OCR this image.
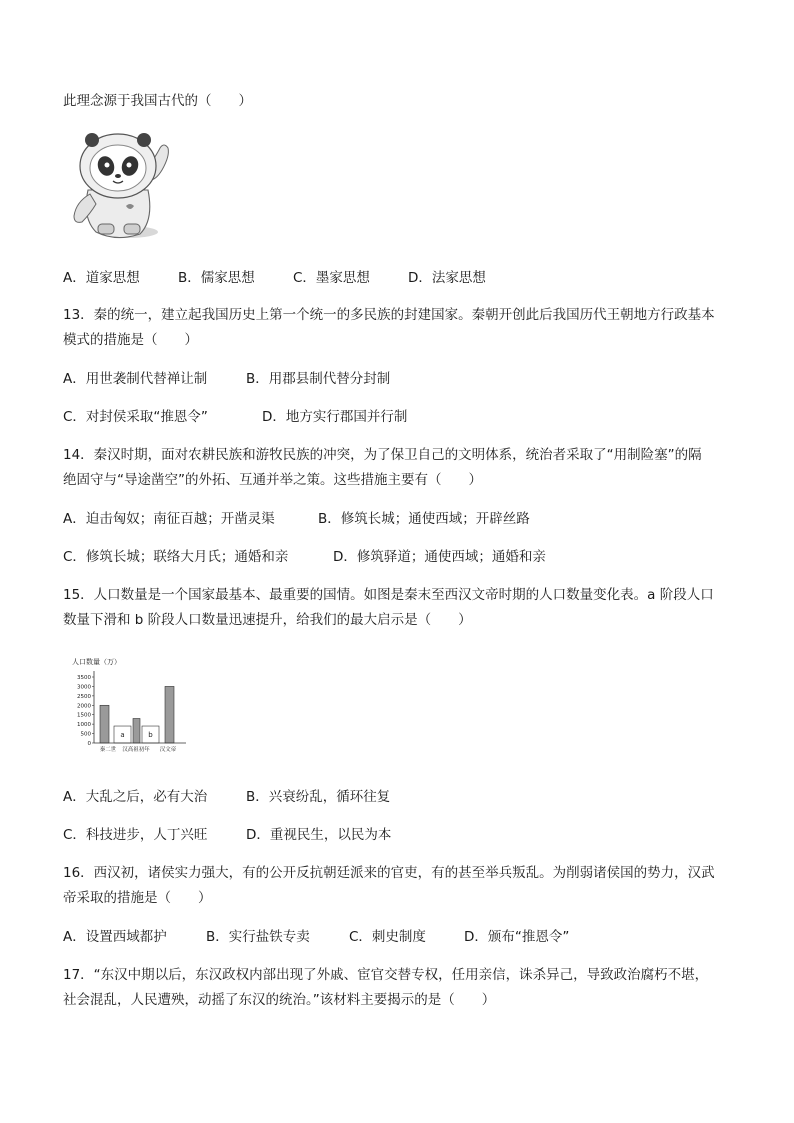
此理念源于我国古代的（　　）
A．道家思想	B．儒家思想	C．墨家思想	D．法家思想
13．秦的统一，建立起我国历史上第一个统一的多民族的封建国家。秦朝开创此后我国历代王朝地方行政基本
模式的措施是（　　）
A．用世袭制代替禅让制	B．用郡县制代替分封制
C．对封侯采取“推恩令”	D．地方实行郡国并行制
14．秦汉时期，面对农耕民族和游牧民族的冲突，为了保卫自己的文明体系，统治者采取了“用制险塞”的隔
绝固守与“导途凿空”的外拓、互通并举之策。这些措施主要有（　　）
A．迫击匈奴；南征百越；开凿灵渠	B．修筑长城；通使西域；开辟丝路
C．修筑长城；联络大月氏；通婚和亲	D．修筑驿道；通使西域；通婚和亲
15．人口数量是一个国家最基本、最重要的国情。如图是秦末至西汉文帝时期的人口数量变化表。a 阶段人口
数量下滑和 b 阶段人口数量迅速提升，给我们的最大启示是（　　）
人口数量（万）
0
500
1000
1500
2000
2500
3000
3500
a	b
秦二世 汉高祖初年 汉文帝
A．大乱之后，必有大治	B．兴衰纷乱，循环往复
C．科技进步，人丁兴旺	D．重视民生，以民为本
16．西汉初，诸侯实力强大，有的公开反抗朝廷派来的官吏，有的甚至举兵叛乱。为削弱诸侯国的势力，汉武
帝采取的措施是（　　）
A．设置西域都护	B．实行盐铁专卖	C．刺史制度	D．颁布“推恩令”
17．“东汉中期以后，东汉政权内部出现了外戚、宦官交替专权，任用亲信，诛杀异己，导致政治腐朽不堪，
社会混乱，人民遭殃，动摇了东汉的统治。”该材料主要揭示的是（　　）
